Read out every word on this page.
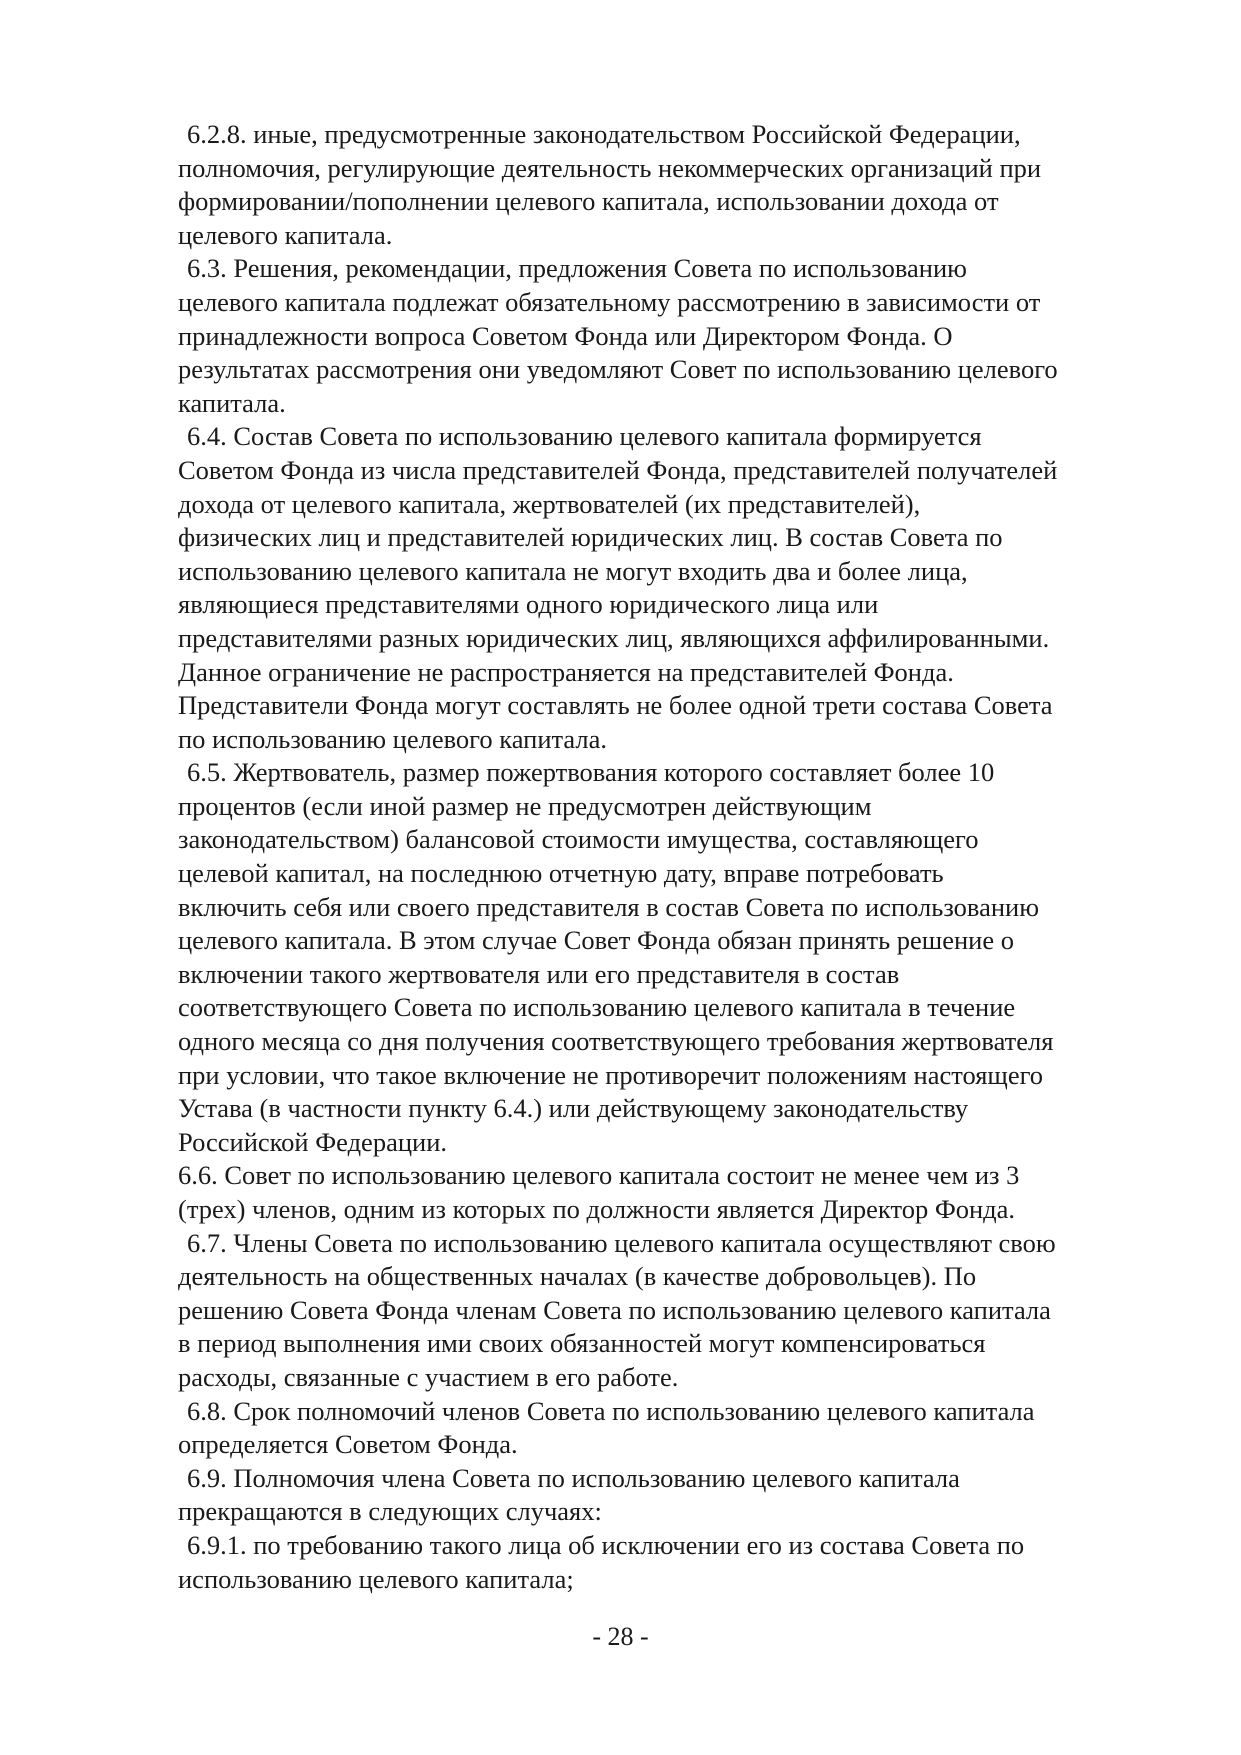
6.2.8. иные, предусмотренные законодательством Российской Федерации,
полномочия, регулирующие деятельность некоммерческих организаций при
формировании/пополнении целевого капитала, использовании дохода от
целевого капитала.
6.3. Решения, рекомендации, предложения Совета по использованию
целевого капитала подлежат обязательному рассмотрению в зависимости от
принадлежности вопроса Советом Фонда или Директором Фонда. О
результатах рассмотрения они уведомляют Совет по использованию целевого
капитала.
6.4. Состав Совета по использованию целевого капитала формируется
Советом Фонда из числа представителей Фонда, представителей получателей
дохода от целевого капитала, жертвователей (их представителей),
физических лиц и представителей юридических лиц. В состав Совета по
использованию целевого капитала не могут входить два и более лица,
являющиеся представителями одного юридического лица или
представителями разных юридических лиц, являющихся аффилированными.
Данное ограничение не распространяется на представителей Фонда.
Представители Фонда могут составлять не более одной трети состава Совета
по использованию целевого капитала.
6.5. Жертвователь, размер пожертвования которого составляет более 10
процентов (если иной размер не предусмотрен действующим
законодательством) балансовой стоимости имущества, составляющего
целевой капитал, на последнюю отчетную дату, вправе потребовать
включить себя или своего представителя в состав Совета по использованию
целевого капитала. В этом случае Совет Фонда обязан принять решение о
включении такого жертвователя или его представителя в состав
соответствующего Совета по использованию целевого капитала в течение
одного месяца со дня получения соответствующего требования жертвователя
при условии, что такое включение не противоречит положениям настоящего
Устава (в частности пункту 6.4.) или действующему законодательству
Российской Федерации.
6.6. Совет по использованию целевого капитала состоит не менее чем из 3
(трех) членов, одним из которых по должности является Директор Фонда.
6.7. Члены Совета по использованию целевого капитала осуществляют свою
деятельность на общественных началах (в качестве добровольцев). По
решению Совета Фонда членам Совета по использованию целевого капитала
в период выполнения ими своих обязанностей могут компенсироваться
расходы, связанные с участием в его работе.
6.8. Срок полномочий членов Совета по использованию целевого капитала
определяется Советом Фонда.
6.9. Полномочия члена Совета по использованию целевого капитала
прекращаются в следующих случаях:
6.9.1. по требованию такого лица об исключении его из состава Совета по
использованию целевого капитала;
- 28 -
